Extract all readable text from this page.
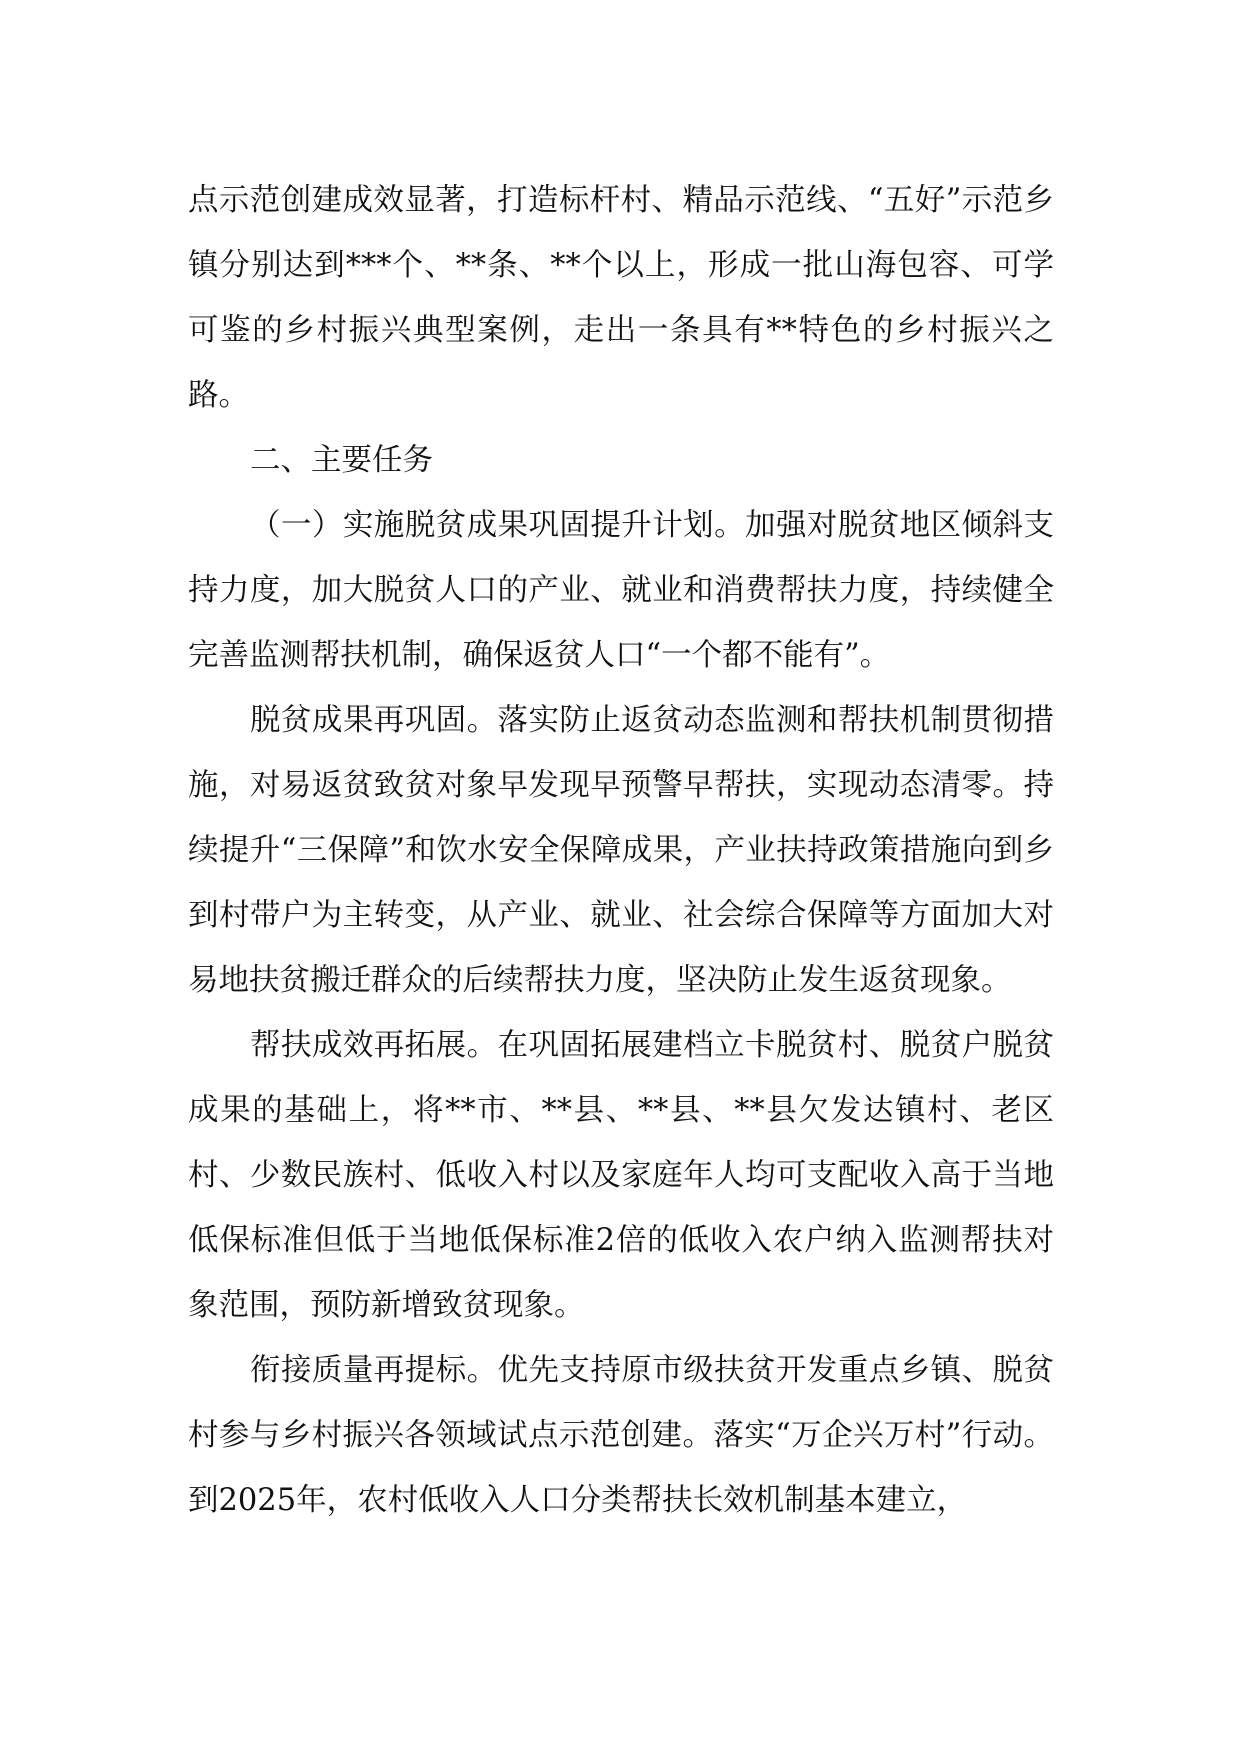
点示范创建成效显著，打造标杆村、精品示范线、“五好”示范乡镇分别达到***个、**条、**个以上，形成一批山海包容、可学可鉴的乡村振兴典型案例，走出一条具有**特色的乡村振兴之路。

二、主要任务

（一）实施脱贫成果巩固提升计划。加强对脱贫地区倾斜支持力度，加大脱贫人口的产业、就业和消费帮扶力度，持续健全完善监测帮扶机制，确保返贫人口“一个都不能有”。

脱贫成果再巩固。落实防止返贫动态监测和帮扶机制贯彻措施，对易返贫致贫对象早发现早预警早帮扶，实现动态清零。持续提升“三保障”和饮水安全保障成果，产业扶持政策措施向到乡到村带户为主转变，从产业、就业、社会综合保障等方面加大对易地扶贫搬迁群众的后续帮扶力度，坚决防止发生返贫现象。

帮扶成效再拓展。在巩固拓展建档立卡脱贫村、脱贫户脱贫成果的基础上，将**市、**县、**县、**县欠发达镇村、老区村、少数民族村、低收入村以及家庭年人均可支配收入高于当地低保标准但低于当地低保标准2倍的低收入农户纳入监测帮扶对象范围，预防新增致贫现象。

衔接质量再提标。优先支持原市级扶贫开发重点乡镇、脱贫村参与乡村振兴各领域试点示范创建。落实“万企兴万村”行动。到2025年，农村低收入人口分类帮扶长效机制基本建立，
